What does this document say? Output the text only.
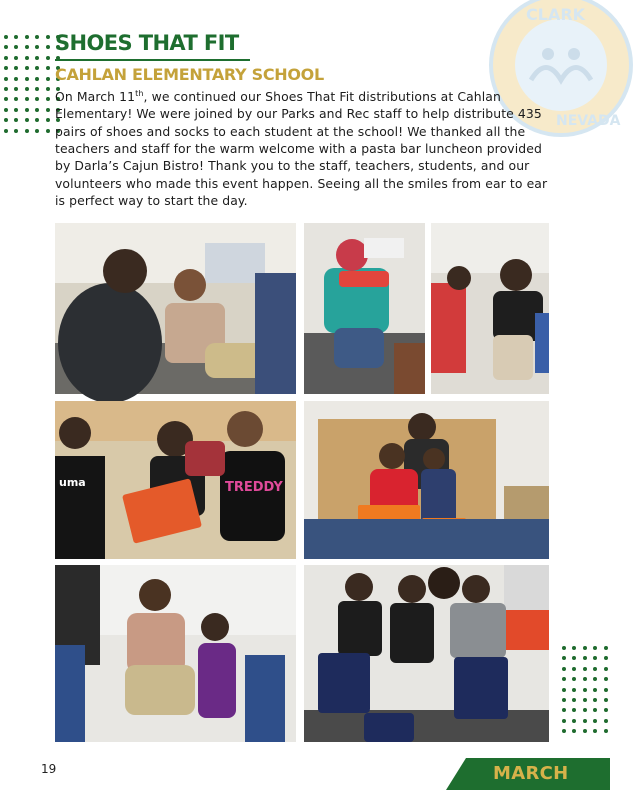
CLARK
NEVADA
SHOES THAT FIT
CAHLAN ELEMENTARY SCHOOL

On March 11th, we continued our Shoes That Fit distributions at Cahlan Elementary! We were joined by our Parks and Rec staff to help distribute 435 pairs of shoes and socks to each student at the school! We thanked all the teachers and staff for the warm welcome with a pasta bar luncheon provided by Darla’s Cajun Bistro! Thank you to the staff, teachers, students, and our volunteers who made this event happen. Seeing all the smiles from ear to ear is perfect way to start the day.

uma	TREDDY
19	MARCH
